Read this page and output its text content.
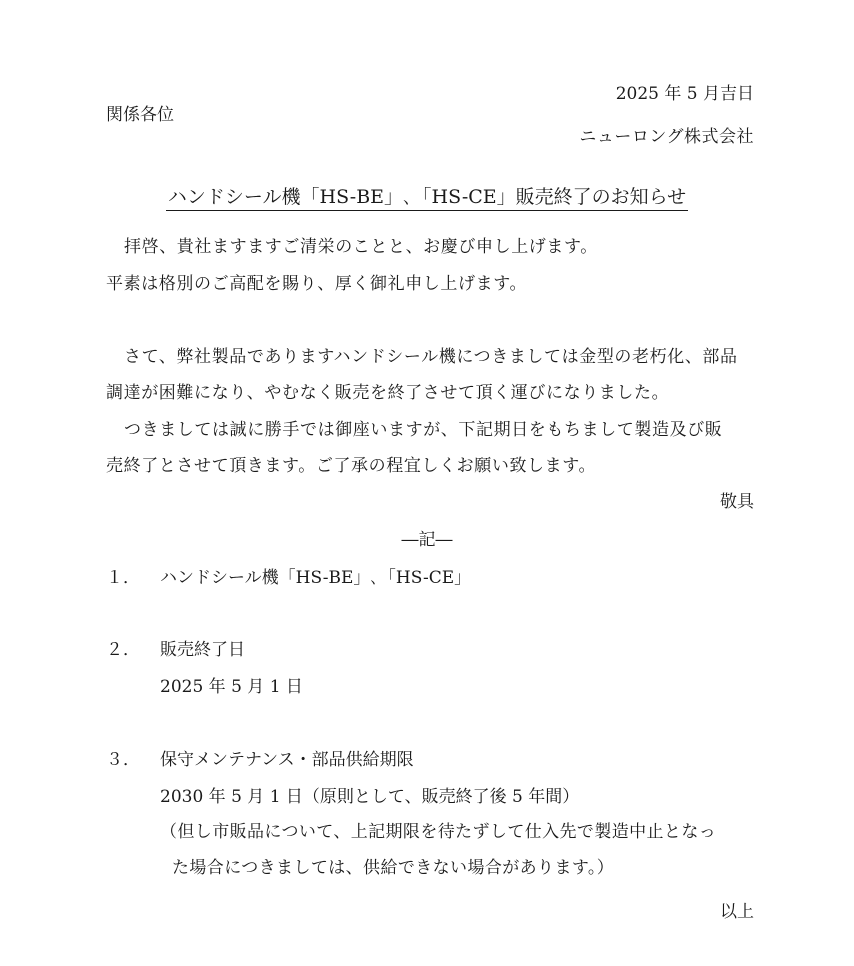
2025 年 5 月吉日
関係各位
ニューロング株式会社
ハンドシール機「HS-BE」､「HS-CE」販売終了のお知らせ
拝啓、貴社ますますご清栄のことと、お慶び申し上げます。
平素は格別のご高配を賜り、厚く御礼申し上げます。
さて、弊社製品でありますハンドシール機につきましては金型の老朽化、部品
調達が困難になり、やむなく販売を終了させて頂く運びになりました。
つきましては誠に勝手では御座いますが、下記期日をもちまして製造及び販
売終了とさせて頂きます。ご了承の程宜しくお願い致します。
敬具
―記―
１． ハンドシール機「HS-BE」､「HS-CE」
２． 販売終了日
2025 年 5 月 1 日
３． 保守メンテナンス・部品供給期限
2030 年 5 月 1 日（原則として、販売終了後 5 年間）
（但し市販品について、上記期限を待たずして仕入先で製造中止となっ
た場合につきましては、供給できない場合があります。）
以上
